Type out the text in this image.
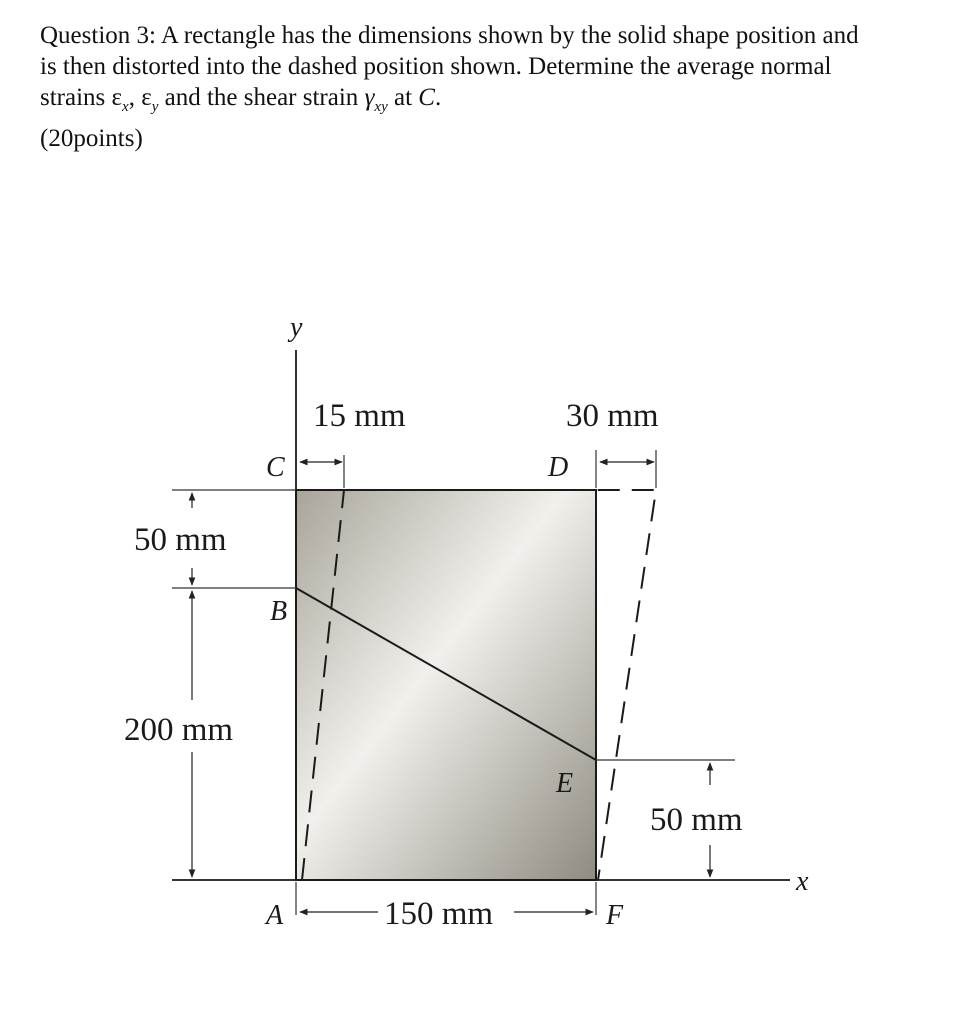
Question 3: A rectangle has the dimensions shown by the solid shape position and

is then distorted into the dashed position shown. Determine the average normal

strains $\varepsilon_x$, $\varepsilon_y$ and the shear strain $\gamma_{xy}$ at C.

(20points)

y
x
C	D
B
E
A	F
15 mm	30 mm
50 mm
200 mm
50 mm
150 mm
